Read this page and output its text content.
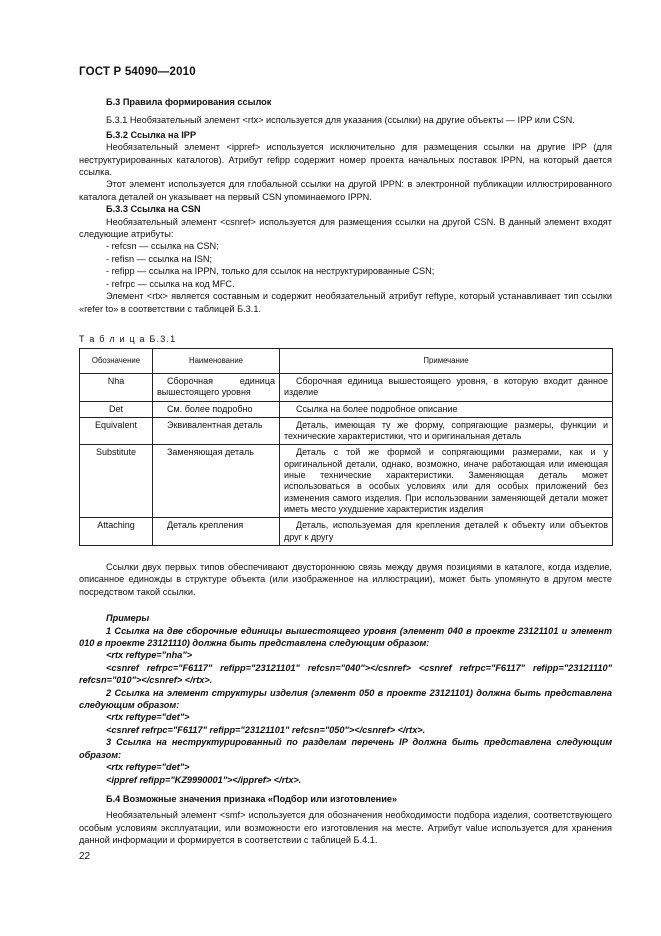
ГОСТ Р 54090—2010

Б.3 Правила формирования ссылок

Б.3.1 Необязательный элемент <rtx> используется для указания (ссылки) на другие объекты — IPP или CSN.

Б.3.2 Ссылка на IPP

Необязательный элемент <ippref> используется исключительно для размещения ссылки на другие IPP (для неструктурированных каталогов). Атрибут refipp содержит номер проекта начальных поставок IPPN, на который дается ссылка.

Этот элемент используется для глобальной ссылки на другой IPPN: в электронной публикации иллюстрированного каталога деталей он указывает на первый CSN упоминаемого IPPN.

Б.3.3 Ссылка на CSN

Необязательный элемент <csnref> используется для размещения ссылки на другой CSN. В данный элемент входят следующие атрибуты:

- refcsn — ссылка на CSN;

- refisn — ссылка на ISN;

- refipp — ссылка на IPPN, только для ссылок на неструктурированные CSN;

- refrpc — ссылка на код MFC.

Элемент <rtx> является составным и содержит необязательный атрибут reftype, который устанавливает тип ссылки «refer to» в соответствии с таблицей Б.3.1.

Т а б л и ц а Б.3.1
Обозначение	Наименование	Примечание
Nha	Сборочная единица вышестоящего уровня	Сборочная единица вышестоящего уровня, в которую входит данное изделие
Det	См. более подробно	Ссылка на более подробное описание
Equivalent	Эквивалентная деталь	Деталь, имеющая ту же форму, сопрягающие размеры, функции и технические характеристики, что и оригинальная деталь
Substitute	Заменяющая деталь	Деталь с той же формой и сопрягающими размерами, как и у оригинальной детали, однако, возможно, иначе работающая или имеющая иные технические характеристики. Заменяющая деталь может использоваться в особых условиях или для особых приложений без изменения самого изделия. При использовании заменяющей детали может иметь место ухудшение характеристик изделия
Attaching	Деталь крепления	Деталь, используемая для крепления деталей к объекту или объектов друг к другу

Ссылки двух первых типов обеспечивают двустороннюю связь между двумя позициями в каталоге, когда изделие, описанное единожды в структуре объекта (или изображенное на иллюстрации), может быть упомянуто в другом месте посредством такой ссылки.

Примеры

1 Ссылка на две сборочные единицы вышестоящего уровня (элемент 040 в проекте 23121101 и элемент 010 в проекте 23121110) должна быть представлена следующим образом:

<rtx reftype="nha">

<csnref refrpc="F6117" refipp="23121101" refcsn="040"></csnref> <csnref refrpc="F6117" refipp="23121110" refcsn="010"></csnref> </rtx>.

2 Ссылка на элемент структуры изделия (элемент 050 в проекте 23121101) должна быть представлена следующим образом:

<rtx reftype="det">

<csnref refrpc="F6117" refipp="23121101" refcsn="050"></csnref> </rtx>.

3 Ссылка на неструктурированный по разделам перечень IP должна быть представлена следующим образом:

<rtx reftype="det">

<ippref refipp="KZ9990001"></ippref> </rtx>.

Б.4 Возможные значения признака «Подбор или изготовление»

Необязательный элемент <smf> используется для обозначения необходимости подбора изделия, соответствующего особым условиям эксплуатации, или возможности его изготовления на месте. Атрибут value используется для хранения данной информации и формируется в соответствии с таблицей Б.4.1.

22
